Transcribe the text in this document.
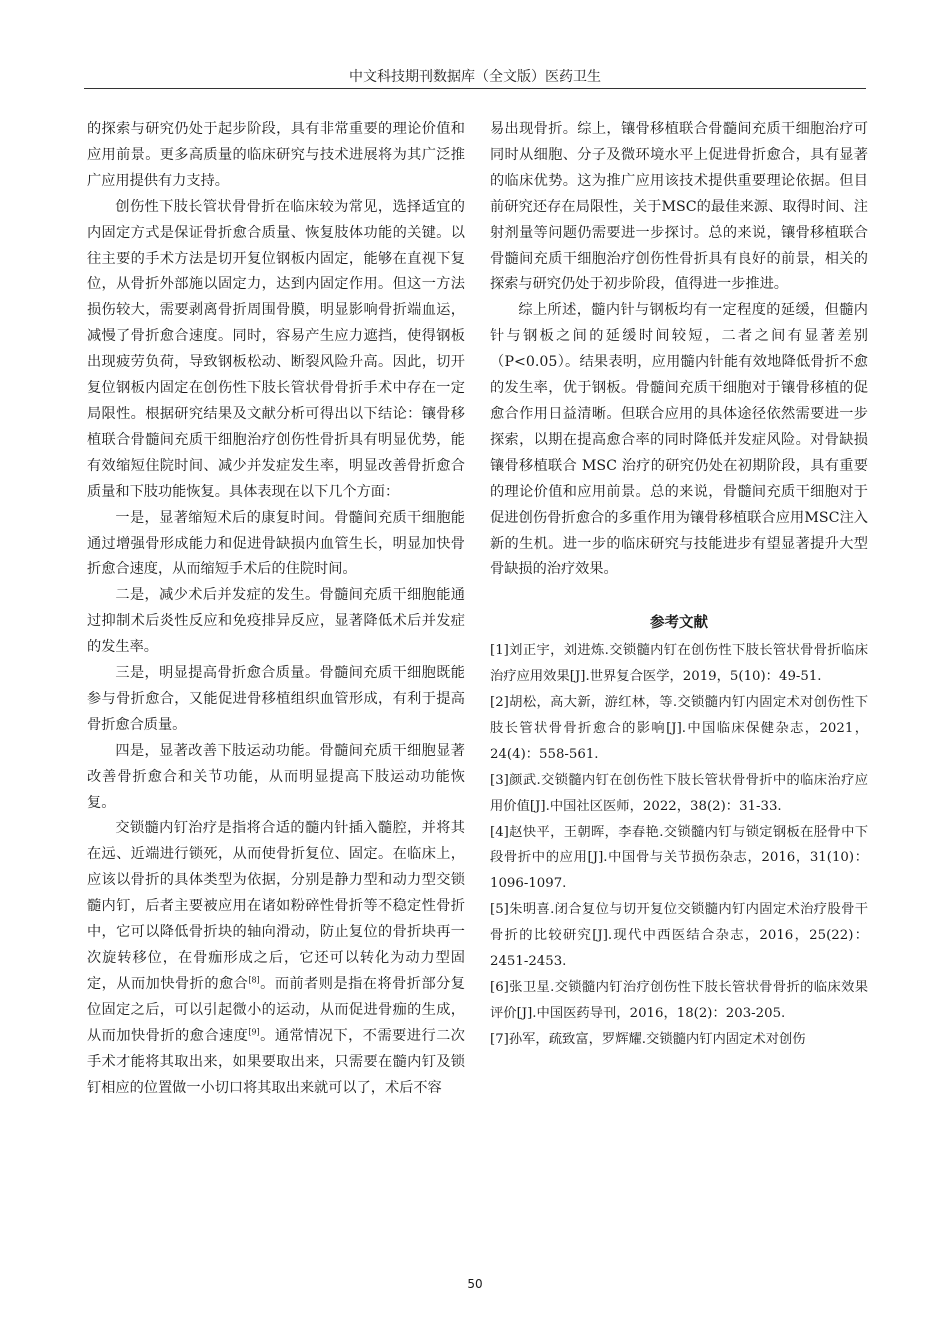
中文科技期刊数据库（全文版）医药卫生

的探索与研究仍处于起步阶段，具有非常重要的理论价值和应用前景。更多高质量的临床研究与技术进展将为其广泛推广应用提供有力支持。

创伤性下肢长管状骨骨折在临床较为常见，选择适宜的内固定方式是保证骨折愈合质量、恢复肢体功能的关键。以往主要的手术方法是切开复位钢板内固定，能够在直视下复位，从骨折外部施以固定力，达到内固定作用。但这一方法损伤较大，需要剥离骨折周围骨膜，明显影响骨折端血运，减慢了骨折愈合速度。同时，容易产生应力遮挡，使得钢板出现疲劳负荷，导致钢板松动、断裂风险升高。因此，切开复位钢板内固定在创伤性下肢长管状骨骨折手术中存在一定局限性。根据研究结果及文献分析可得出以下结论：镶骨移植联合骨髓间充质干细胞治疗创伤性骨折具有明显优势，能有效缩短住院时间、减少并发症发生率，明显改善骨折愈合质量和下肢功能恢复。具体表现在以下几个方面：

一是，显著缩短术后的康复时间。骨髓间充质干细胞能通过增强骨形成能力和促进骨缺损内血管生长，明显加快骨折愈合速度，从而缩短手术后的住院时间。

二是，减少术后并发症的发生。骨髓间充质干细胞能通过抑制术后炎性反应和免疫排异反应，显著降低术后并发症的发生率。

三是，明显提高骨折愈合质量。骨髓间充质干细胞既能参与骨折愈合，又能促进骨移植组织血管形成，有利于提高骨折愈合质量。

四是，显著改善下肢运动功能。骨髓间充质干细胞显著改善骨折愈合和关节功能，从而明显提高下肢运动功能恢复。

交锁髓内钉治疗是指将合适的髓内针插入髓腔，并将其在远、近端进行锁死，从而使骨折复位、固定。在临床上，应该以骨折的具体类型为依据，分别是静力型和动力型交锁髓内钉，后者主要被应用在诸如粉碎性骨折等不稳定性骨折中，它可以降低骨折块的轴向滑动，防止复位的骨折块再一次旋转移位，在骨痂形成之后，它还可以转化为动力型固定，从而加快骨折的愈合[8]。而前者则是指在将骨折部分复位固定之后，可以引起微小的运动，从而促进骨痂的生成，从而加快骨折的愈合速度[9]。通常情况下，不需要进行二次手术才能将其取出来，如果要取出来，只需要在髓内钉及锁钉相应的位置做一小切口将其取出来就可以了，术后不容

易出现骨折。综上，镶骨移植联合骨髓间充质干细胞治疗可同时从细胞、分子及微环境水平上促进骨折愈合，具有显著的临床优势。这为推广应用该技术提供重要理论依据。但目前研究还存在局限性，关于MSC的最佳来源、取得时间、注射剂量等问题仍需要进一步探讨。总的来说，镶骨移植联合骨髓间充质干细胞治疗创伤性骨折具有良好的前景，相关的探索与研究仍处于初步阶段，值得进一步推进。

综上所述，髓内针与钢板均有一定程度的延缓，但髓内针与钢板之间的延缓时间较短，二者之间有显著差别（P<0.05）。结果表明，应用髓内针能有效地降低骨折不愈的发生率，优于钢板。骨髓间充质干细胞对于镶骨移植的促愈合作用日益清晰。但联合应用的具体途径依然需要进一步探索，以期在提高愈合率的同时降低并发症风险。对骨缺损镶骨移植联合 MSC 治疗的研究仍处在初期阶段，具有重要的理论价值和应用前景。总的来说，骨髓间充质干细胞对于促进创伤骨折愈合的多重作用为镶骨移植联合应用MSC注入新的生机。进一步的临床研究与技能进步有望显著提升大型骨缺损的治疗效果。

参考文献

[1]刘正宇，刘进炼.交锁髓内钉在创伤性下肢长管状骨骨折临床治疗应用效果[J].世界复合医学，2019，5(10)：49-51.

[2]胡松，高大新，游红林，等.交锁髓内钉内固定术对创伤性下肢长管状骨骨折愈合的影响[J].中国临床保健杂志，2021，24(4)：558-561.

[3]颜武.交锁髓内钉在创伤性下肢长管状骨骨折中的临床治疗应用价值[J].中国社区医师，2022，38(2)：31-33.

[4]赵快平，王朝晖，李春艳.交锁髓内钉与锁定钢板在胫骨中下段骨折中的应用[J].中国骨与关节损伤杂志，2016，31(10)：1096-1097.

[5]朱明喜.闭合复位与切开复位交锁髓内钉内固定术治疗股骨干骨折的比较研究[J].现代中西医结合杂志，2016，25(22)：2451-2453.

[6]张卫星.交锁髓内钉治疗创伤性下肢长管状骨骨折的临床效果评价[J].中国医药导刊，2016，18(2)：203-205.

[7]孙军，疏致富，罗辉耀.交锁髓内钉内固定术对创伤

50
